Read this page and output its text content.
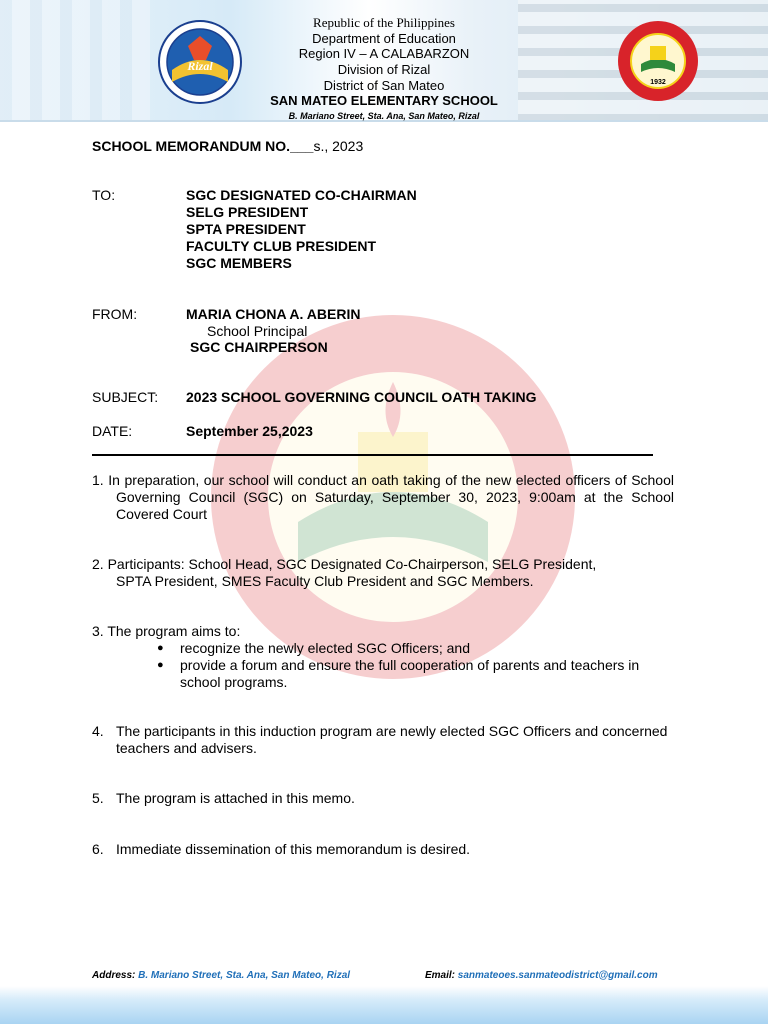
Rizal
1932
Republic of the Philippines
Department of Education
Region IV – A CALABARZON
Division of Rizal
District of San Mateo
SAN MATEO ELEMENTARY SCHOOL
B. Mariano Street, Sta. Ana, San Mateo, Rizal
SCHOOL MEMORANDUM NO.___s., 2023
TO:	SGC DESIGNATED CO-CHAIRMAN
SELG PRESIDENT
SPTA PRESIDENT
FACULTY CLUB PRESIDENT
SGC MEMBERS
FROM:	MARIA CHONA A. ABERIN
School Principal
SGC CHAIRPERSON
SUBJECT: 2023 SCHOOL GOVERNING COUNCIL OATH TAKING
DATE:	September 25,2023
1. In preparation, our school will conduct an oath taking of the new elected officers of School Governing Council (SGC) on Saturday, September 30, 2023, 9:00am at the School Covered Court
2. Participants: School Head, SGC Designated Co-Chairperson, SELG President,
SPTA President, SMES Faculty Club President and SGC Members.
3. The program aims to:
● recognize the newly elected SGC Officers; and
● provide a forum and ensure the full cooperation of parents and teachers in school programs.
4. The participants in this induction program are newly elected SGC Officers and concerned teachers and advisers.
5. The program is attached in this memo.
6. Immediate dissemination of this memorandum is desired.
Address: B. Mariano Street, Sta. Ana, San Mateo, Rizal	Email: sanmateoes.sanmateodistrict@gmail.com
